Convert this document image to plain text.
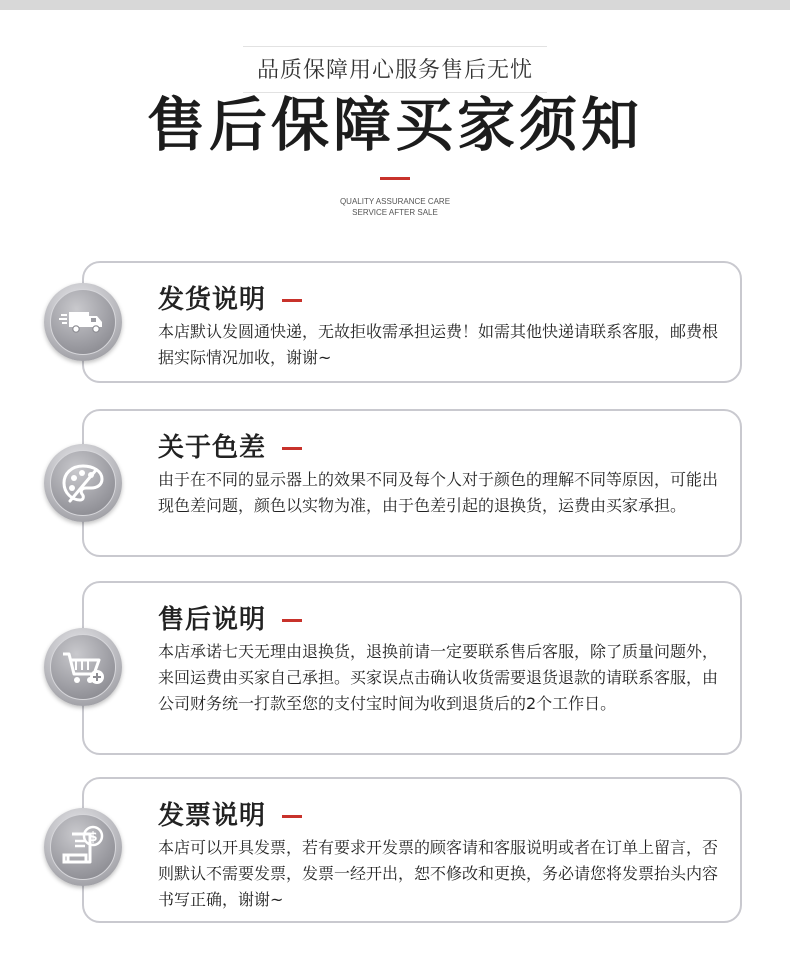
品质保障用心服务售后无忧
售后保障买家须知
QUALITY ASSURANCE CARE
SERVICE AFTER SALE
发货说明
本店默认发圆通快递，无故拒收需承担运费！如需其他快递请联系客服，邮费根据实际情况加收，谢谢~
关于色差
由于在不同的显示器上的效果不同及每个人对于颜色的理解不同等原因，可能出现色差问题，颜色以实物为准，由于色差引起的退换货，运费由买家承担。
售后说明
本店承诺七天无理由退换货，退换前请一定要联系售后客服，除了质量问题外，来回运费由买家自己承担。买家误点击确认收货需要退货退款的请联系客服，由公司财务统一打款至您的支付宝时间为收到退货后的2个工作日。
发票说明
本店可以开具发票，若有要求开发票的顾客请和客服说明或者在订单上留言，否则默认不需要发票，发票一经开出，恕不修改和更换，务必请您将发票抬头内容书写正确，谢谢~
$
